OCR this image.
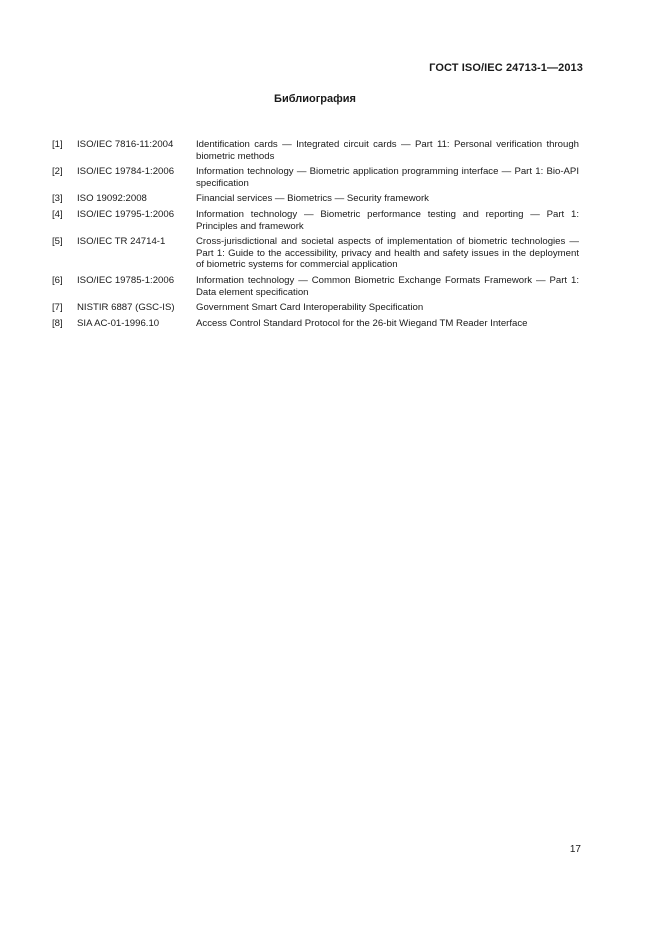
ГОСТ ISO/IEC 24713-1—2013
Библиография
[1]	ISO/IEC 7816-11:2004	Identification cards — Integrated circuit cards — Part 11: Personal verification through biometric methods
[2]	ISO/IEC 19784-1:2006	Information technology — Biometric application programming interface — Part 1: Bio-API specification
[3]	ISO 19092:2008	Financial services — Biometrics — Security framework
[4]	ISO/IEC 19795-1:2006	Information technology — Biometric performance testing and reporting — Part 1: Principles and framework
[5]	ISO/IEC TR 24714-1	Cross-jurisdictional and societal aspects of implementation of biometric technologies — Part 1: Guide to the accessibility, privacy and health and safety issues in the deployment of biometric systems for commercial application
[6]	ISO/IEC 19785-1:2006	Information technology — Common Biometric Exchange Formats Framework — Part 1: Data element specification
[7]	NISTIR 6887 (GSC-IS)	Government Smart Card Interoperability Specification
[8]	SIA AC-01-1996.10	Access Control Standard Protocol for the 26-bit Wiegand TM Reader Interface
17
